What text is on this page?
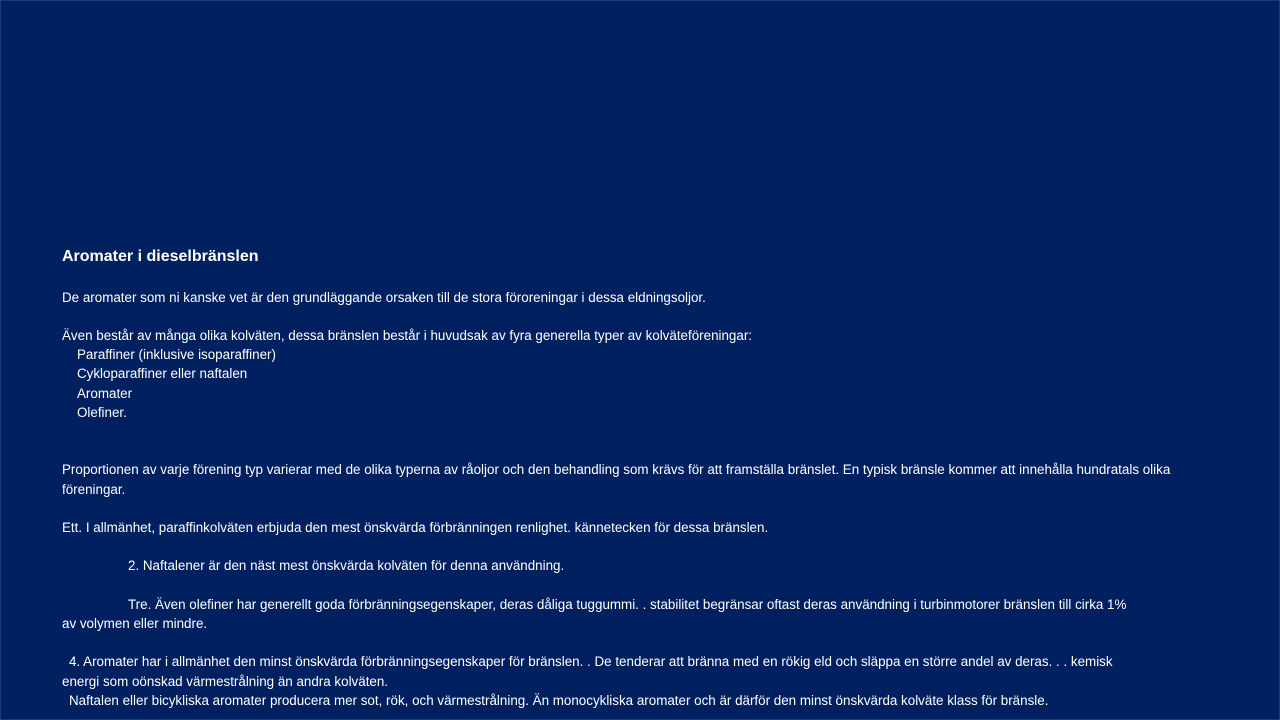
Aromater i dieselbränslen
De aromater som ni kanske vet är den grundläggande orsaken till de stora föroreningar i dessa eldningsoljor.
Även består av många olika kolväten, dessa bränslen består i huvudsak av fyra generella typer av kolväteföreningar:
Paraffiner (inklusive isoparaffiner)
Cykloparaffiner eller naftalen
Aromater
Olefiner.
Proportionen av varje förening typ varierar med de olika typerna av råoljor och den behandling som krävs för att framställa bränslet. En typisk bränsle kommer att innehålla hundratals olika föreningar.
Ett. I allmänhet, paraffinkolväten erbjuda den mest önskvärda förbränningen renlighet. kännetecken för dessa bränslen.
2. Naftalener är den näst mest önskvärda kolväten för denna användning.
Tre. Även olefiner har generellt goda förbränningsegenskaper, deras dåliga tuggummi. . stabilitet begränsar oftast deras användning i turbinmotorer bränslen till cirka 1%
av volymen eller mindre.
4. Aromater har i allmänhet den minst önskvärda förbränningsegenskaper för bränslen. . De tenderar att bränna med en rökig eld och släppa en större andel av deras. . . kemisk
energi som oönskad värmestrålning än andra kolväten.
Naftalen eller bicykliska aromater producera mer sot, rök, och värmestrålning. Än monocykliska aromater och är därför den minst önskvärda kolväte klass för bränsle.
